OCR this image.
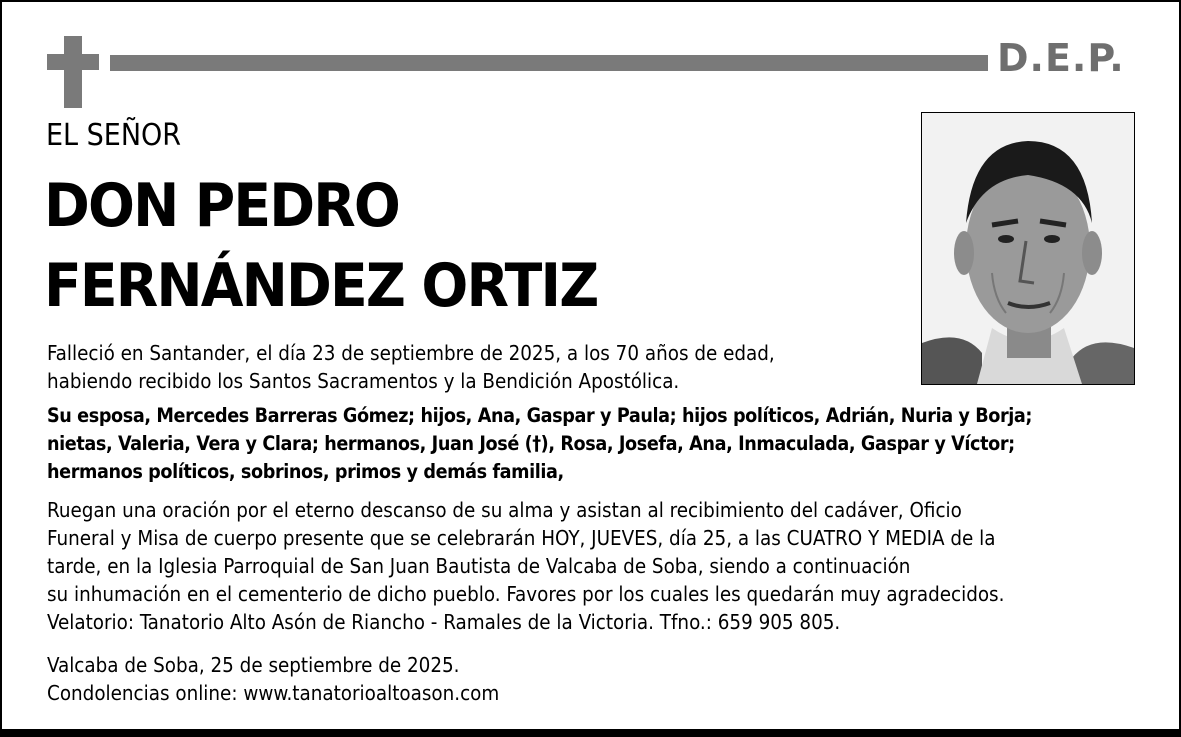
D.E.P.
EL SEÑOR
DON PEDRO
FERNÁNDEZ ORTIZ

Falleció en Santander, el día 23 de septiembre de 2025, a los 70 años de edad,
habiendo recibido los Santos Sacramentos y la Bendición Apostólica.

Su esposa, Mercedes Barreras Gómez; hijos, Ana, Gaspar y Paula; hijos políticos, Adrián, Nuria y Borja;
nietas, Valeria, Vera y Clara; hermanos, Juan José (†), Rosa, Josefa, Ana, Inmaculada, Gaspar y Víctor;
hermanos políticos, sobrinos, primos y demás familia,

Ruegan una oración por el eterno descanso de su alma y asistan al recibimiento del cadáver, Oficio
Funeral y Misa de cuerpo presente que se celebrarán HOY, JUEVES, día 25, a las CUATRO Y MEDIA de la
tarde, en la Iglesia Parroquial de San Juan Bautista de Valcaba de Soba, siendo a continuación
su inhumación en el cementerio de dicho pueblo. Favores por los cuales les quedarán muy agradecidos.
Velatorio: Tanatorio Alto Asón de Riancho - Ramales de la Victoria. Tfno.: 659 905 805.

Valcaba de Soba, 25 de septiembre de 2025.
Condolencias online: www.tanatorioaltoason.com
